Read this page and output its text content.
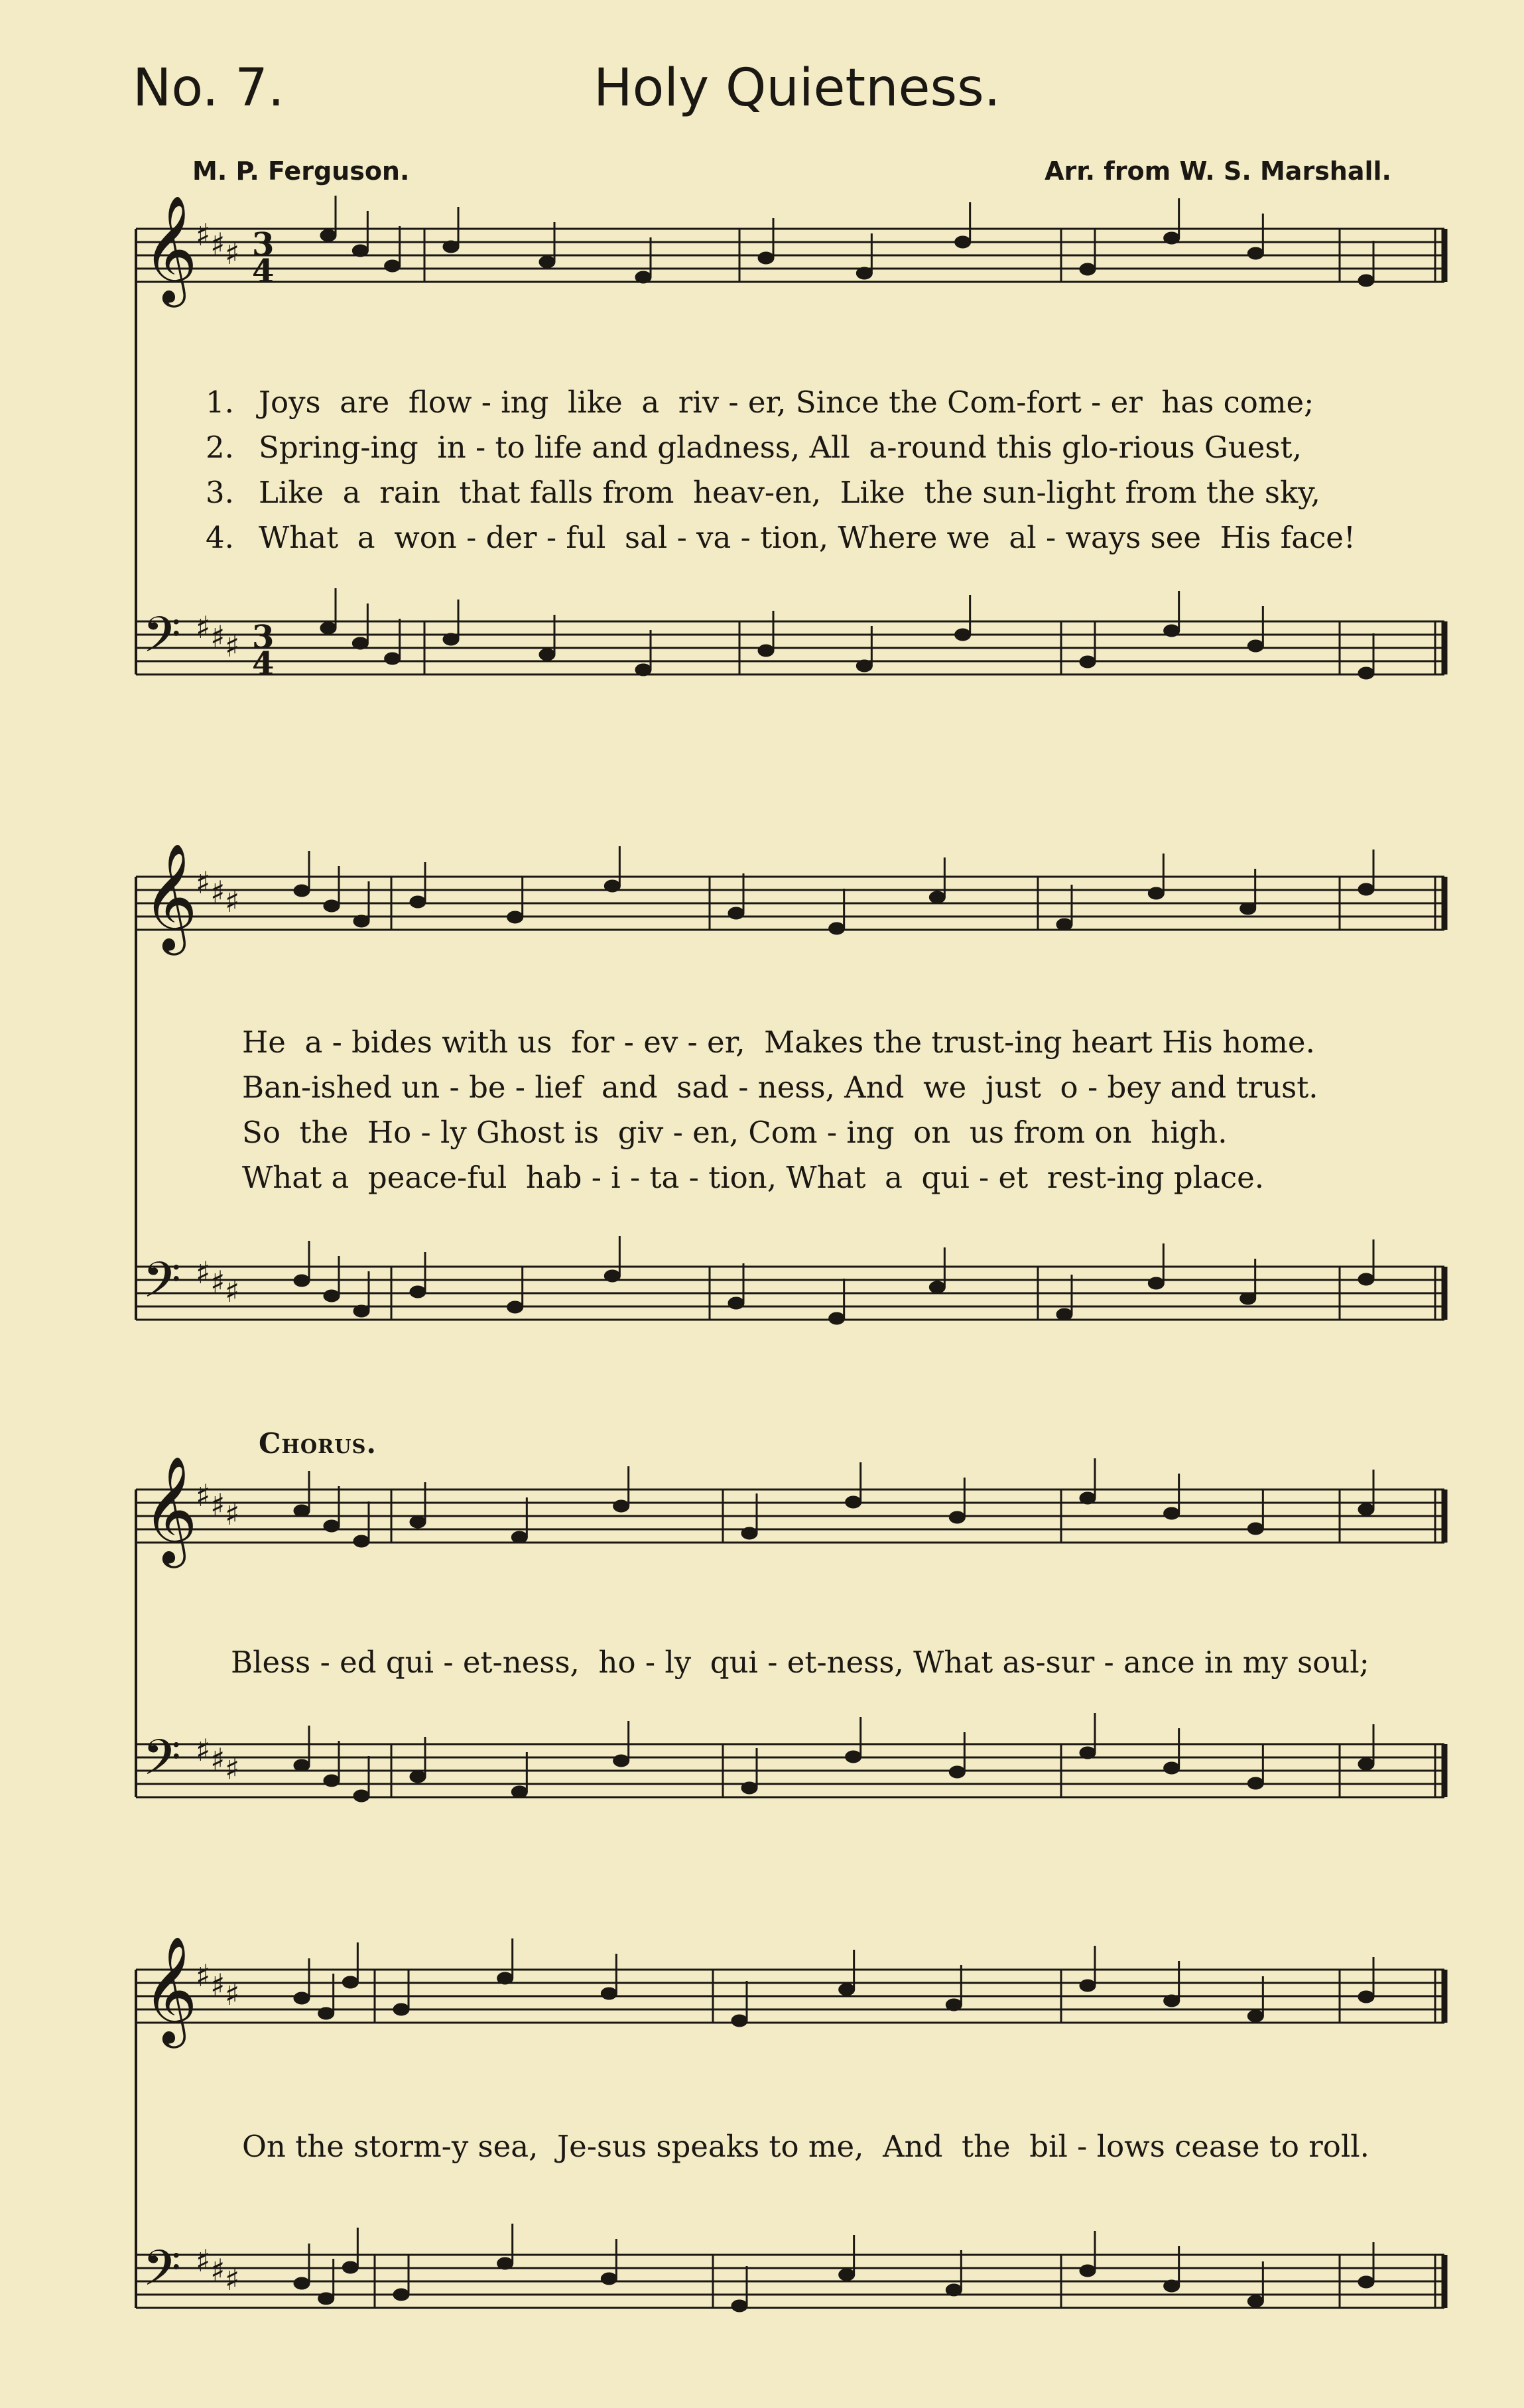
No. 7.	Holy Quietness.
M. P. Ferguson.	Arr. from W. S. Marshall.
𝄞
♯ ♯ ♯ 3
4
𝄞
♯ ♯ ♯
𝄞
♯ ♯ ♯
𝄞
♯ ♯ ♯
𝄢 ♯ ♯ ♯ 3
4
𝄢 ♯ ♯ ♯
𝄢 ♯ ♯ ♯
𝄢 ♯ ♯ ♯
Chorus.
1.
2.
3.
4.
Joys  are  flow - ing  like  a  riv - er, Since the Com-fort - er  has come;
Spring-ing  in - to life and gladness, All  a-round this glo-rious Guest,
Like  a  rain  that falls from  heav-en,  Like  the sun-light from the sky,
What  a  won - der - ful  sal - va - tion, Where we  al - ways see  His face!
He  a - bides with us  for - ev - er,  Makes the trust-ing heart His home.
Ban-ished un - be - lief  and  sad - ness, And  we  just  o - bey and trust.
So  the  Ho - ly Ghost is  giv - en, Com - ing  on  us from on  high.
What a  peace-ful  hab - i - ta - tion, What  a  qui - et  rest-ing place.
Bless - ed qui - et-ness,  ho - ly  qui - et-ness, What as-sur - ance in my soul;
On the storm-y sea,  Je-sus speaks to me,  And  the  bil - lows cease to roll.
